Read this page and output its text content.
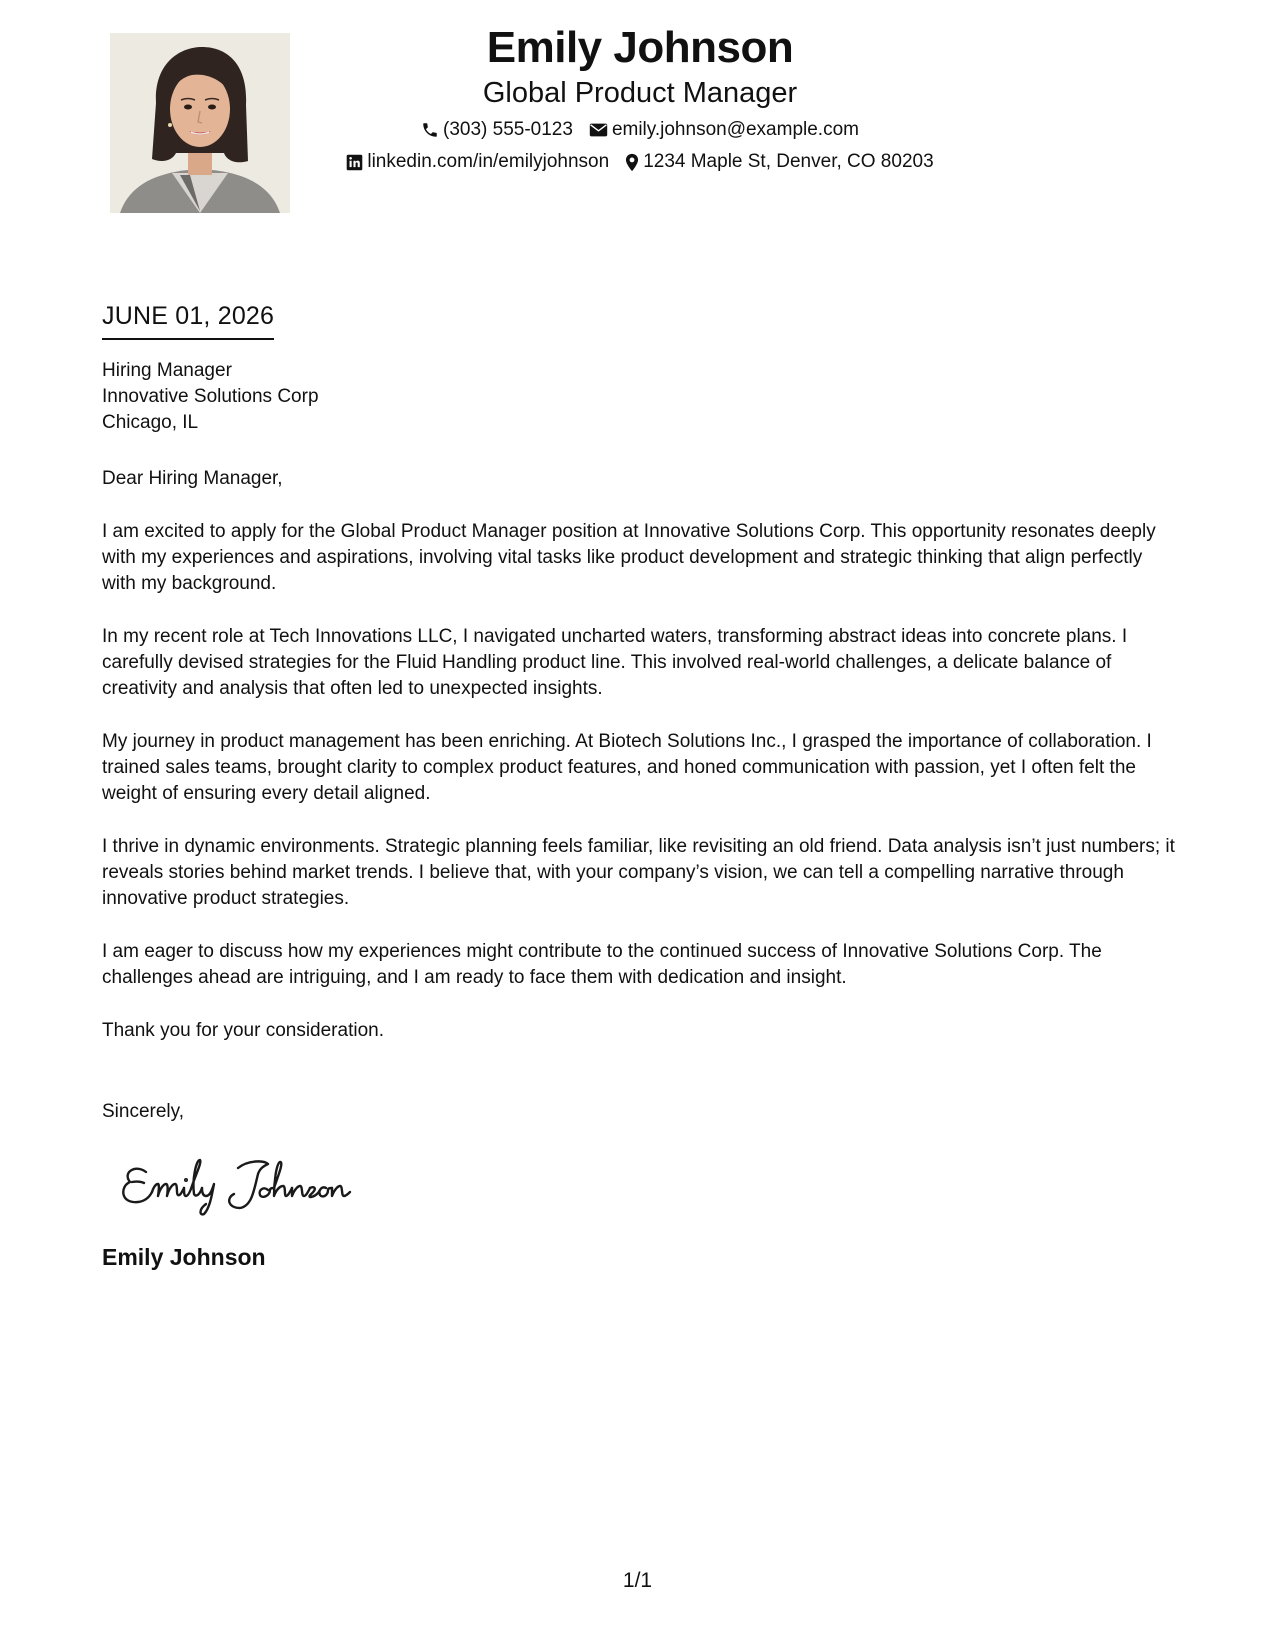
Emily Johnson
Global Product Manager
(303) 555-0123 emily.johnson@example.com
linkedin.com/in/emilyjohnson 1234 Maple St, Denver, CO 80203
JUNE 01, 2026
Hiring Manager
Innovative Solutions Corp
Chicago, IL

Dear Hiring Manager,

I am excited to apply for the Global Product Manager position at Innovative Solutions Corp. This opportunity resonates deeply with my experiences and aspirations, involving vital tasks like product development and strategic thinking that align perfectly with my background.

In my recent role at Tech Innovations LLC, I navigated uncharted waters, transforming abstract ideas into concrete plans. I carefully devised strategies for the Fluid Handling product line. This involved real-world challenges, a delicate balance of creativity and analysis that often led to unexpected insights.

My journey in product management has been enriching. At Biotech Solutions Inc., I grasped the importance of collaboration. I trained sales teams, brought clarity to complex product features, and honed communication with passion, yet I often felt the weight of ensuring every detail aligned.

I thrive in dynamic environments. Strategic planning feels familiar, like revisiting an old friend. Data analysis isn’t just numbers; it reveals stories behind market trends. I believe that, with your company’s vision, we can tell a compelling narrative through innovative product strategies.

I am eager to discuss how my experiences might contribute to the continued success of Innovative Solutions Corp. The challenges ahead are intriguing, and I am ready to face them with dedication and insight.

Thank you for your consideration.

Sincerely,
Emily Johnson
1/1
